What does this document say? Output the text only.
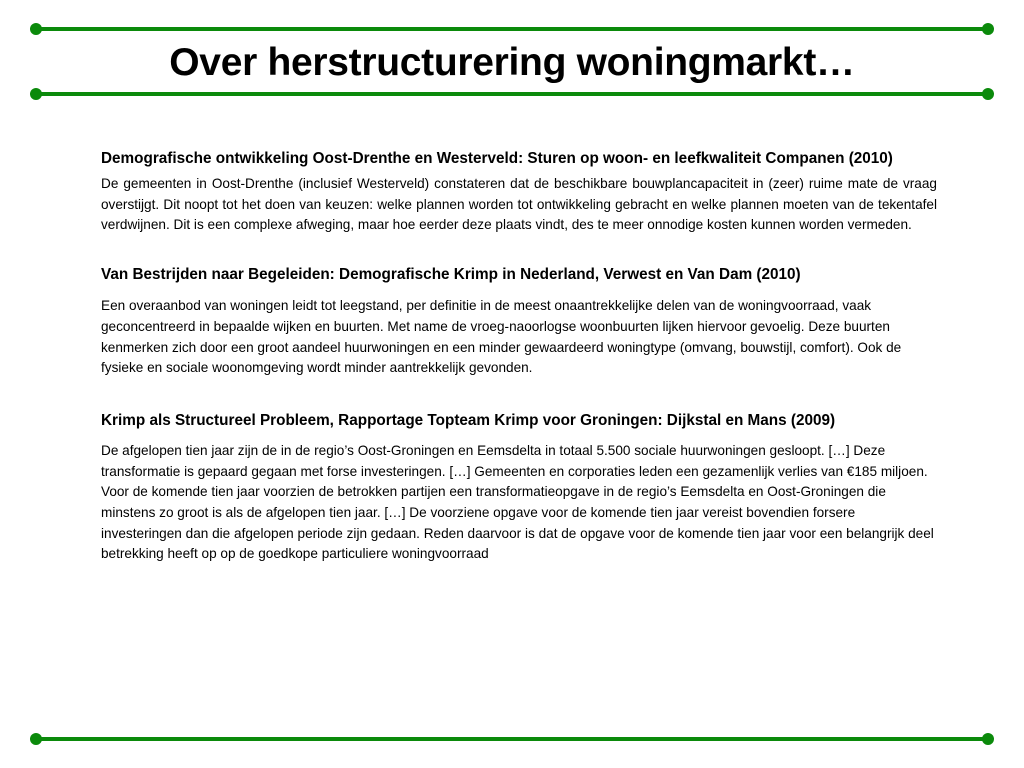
Over herstructurering woningmarkt…

Demografische ontwikkeling Oost-Drenthe en Westerveld: Sturen op woon- en leefkwaliteit Companen (2010)

De gemeenten in Oost-Drenthe (inclusief Westerveld) constateren dat de beschikbare bouwplancapaciteit in (zeer) ruime mate de vraag overstijgt. Dit noopt tot het doen van keuzen: welke plannen worden tot ontwikkeling gebracht en welke plannen moeten van de tekentafel verdwijnen. Dit is een complexe afweging, maar hoe eerder deze plaats vindt, des te meer onnodige kosten kunnen worden vermeden.

Van Bestrijden naar Begeleiden: Demografische Krimp in Nederland, Verwest en Van Dam (2010)

Een overaanbod van woningen leidt tot leegstand, per definitie in de meest onaantrekkelijke delen van de woningvoorraad, vaak geconcentreerd in bepaalde wijken en buurten. Met name de vroeg-naoorlogse woonbuurten lijken hiervoor gevoelig. Deze buurten kenmerken zich door een groot aandeel huurwoningen en een minder gewaardeerd woningtype (omvang, bouwstijl, comfort). Ook de fysieke en sociale woonomgeving wordt minder aantrekkelijk gevonden.

Krimp als Structureel Probleem, Rapportage Topteam Krimp voor Groningen: Dijkstal en Mans (2009)

De afgelopen tien jaar zijn de in de regio’s Oost-Groningen en Eemsdelta in totaal 5.500 sociale huurwoningen gesloopt. […] Deze transformatie is gepaard gegaan met forse investeringen. […] Gemeenten en corporaties leden een gezamenlijk verlies van €185 miljoen. Voor de komende tien jaar voorzien de betrokken partijen een transformatieopgave in de regio’s Eemsdelta en Oost-Groningen die minstens zo groot is als de afgelopen tien jaar. […] De voorziene opgave voor de komende tien jaar vereist bovendien forsere investeringen dan die afgelopen periode zijn gedaan. Reden daarvoor is dat de opgave voor de komende tien jaar voor een belangrijk deel betrekking heeft op op de goedkope particuliere woningvoorraad
